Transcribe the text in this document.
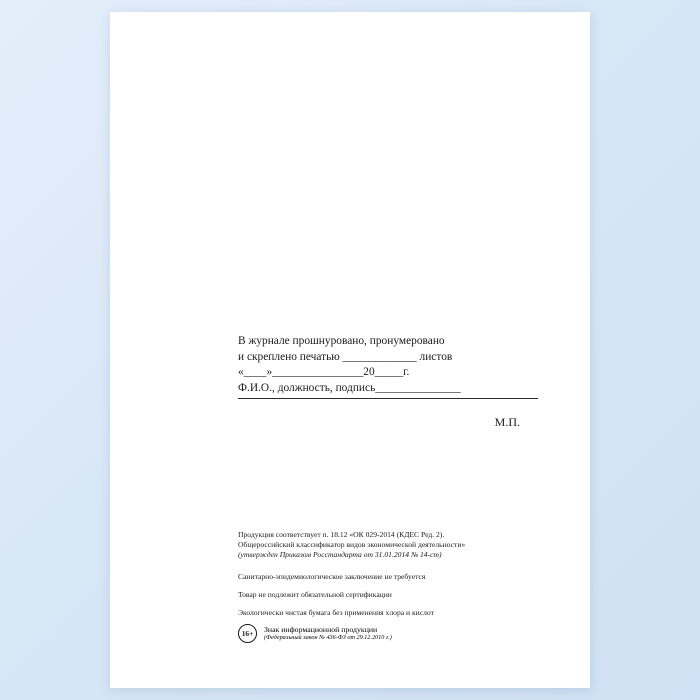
В журнале прошнуровано, пронумеровано
и скреплено печатью _____________ листов
«____»________________20_____г.
Ф.И.О., должность, подпись_______________
М.П.
Продукция соответствует п. 18.12 «ОК 029-2014 (КДЕС Ред. 2).
Общероссийский классификатор видов экономической деятельности»
(утвержден Приказом Росстандарта от 31.01.2014 № 14-ст)
Санитарно-эпидемиологическое заключение не требуется
Товар не подлежит обязательной сертификации
Экологически чистая бумага без применения хлора и кислот
16+	Знак информационной продукции
(Федеральный закон № 436-ФЗ от 29.12.2010 г.)
